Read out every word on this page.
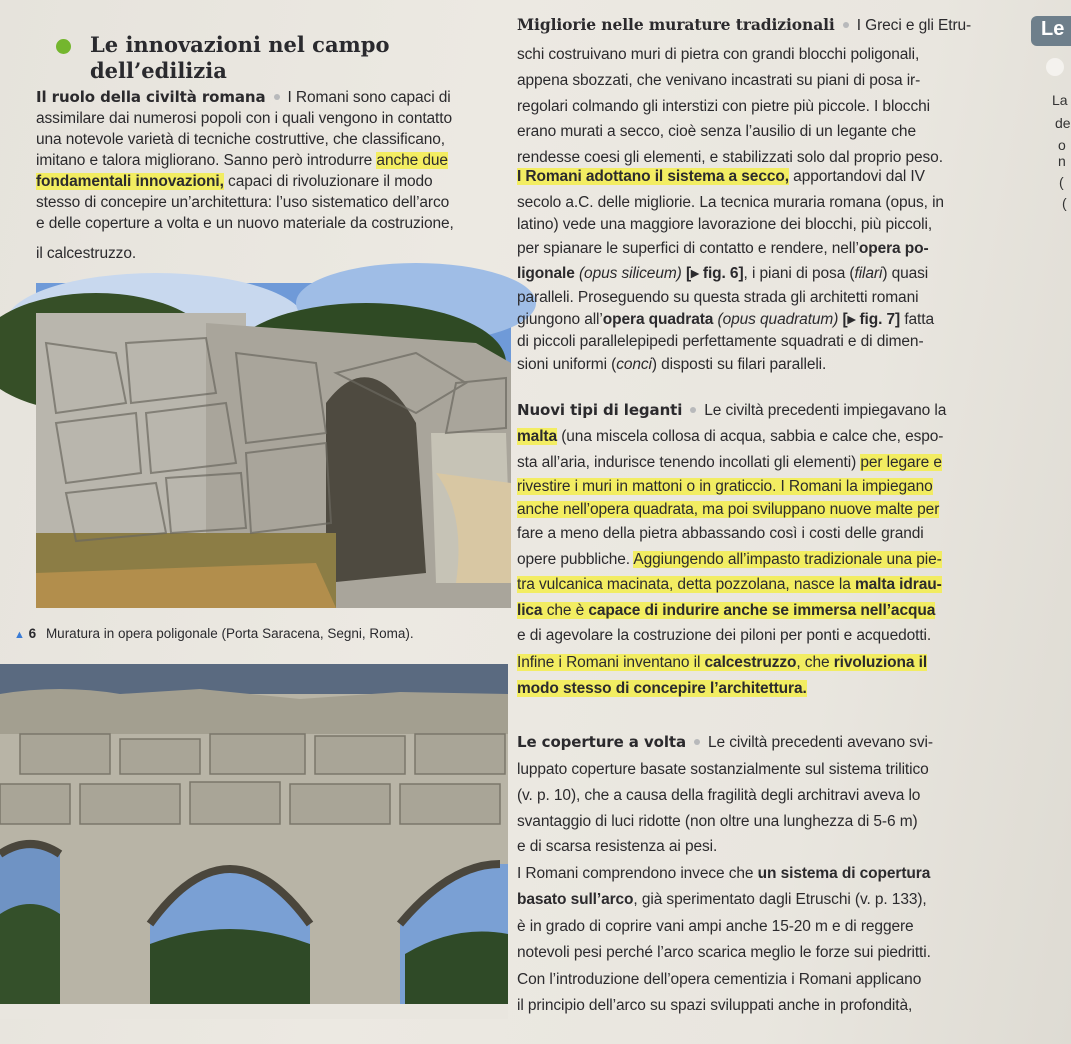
Le
La
de
o
n
(
(
Le innovazioni nel campo
dell’edilizia
Il ruolo della civiltà romana I Romani sono capaci di
assimilare dai numerosi popoli con i quali vengono in contatto
una notevole varietà di tecniche costruttive, che classificano,
imitano e talora migliorano. Sanno però introdurre anche due
fondamentali innovazioni, capaci di rivoluzionare il modo
stesso di concepire un’architettura: l’uso sistematico dell’arco
e delle coperture a volta e un nuovo materiale da costruzione,
il calcestruzzo.
▲ 6 Muratura in opera poligonale (Porta Saracena, Segni, Roma).
Migliorie nelle murature tradizionali I Greci e gli Etru-
schi costruivano muri di pietra con grandi blocchi poligonali,
appena sbozzati, che venivano incastrati su piani di posa ir-
regolari colmando gli interstizi con pietre più piccole. I blocchi
erano murati a secco, cioè senza l’ausilio di un legante che
rendesse coesi gli elementi, e stabilizzati solo dal proprio peso.
I Romani adottano il sistema a secco, apportandovi dal IV
secolo a.C. delle migliorie. La tecnica muraria romana (opus, in
latino) vede una maggiore lavorazione dei blocchi, più piccoli,
per spianare le superfici di contatto e rendere, nell’opera po-
ligonale (opus siliceum) [▸ fig. 6], i piani di posa (filari) quasi
paralleli. Proseguendo su questa strada gli architetti romani
giungono all’opera quadrata (opus quadratum) [▸ fig. 7] fatta
di piccoli parallelepipedi perfettamente squadrati e di dimen-
sioni uniformi (conci) disposti su filari paralleli.
Nuovi tipi di leganti Le civiltà precedenti impiegavano la
malta (una miscela collosa di acqua, sabbia e calce che, espo-
sta all’aria, indurisce tenendo incollati gli elementi) per legare e
rivestire i muri in mattoni o in graticcio. I Romani la impiegano
anche nell’opera quadrata, ma poi sviluppano nuove malte per
fare a meno della pietra abbassando così i costi delle grandi
opere pubbliche. Aggiungendo all’impasto tradizionale una pie-
tra vulcanica macinata, detta pozzolana, nasce la malta idrau-
lica che è capace di indurire anche se immersa nell’acqua
e di agevolare la costruzione dei piloni per ponti e acquedotti.
Infine i Romani inventano il calcestruzzo, che rivoluziona il
modo stesso di concepire l’architettura.
Le coperture a volta Le civiltà precedenti avevano svi-
luppato coperture basate sostanzialmente sul sistema trilitico
(v. p. 10), che a causa della fragilità degli architravi aveva lo
svantaggio di luci ridotte (non oltre una lunghezza di 5-6 m)
e di scarsa resistenza ai pesi.
I Romani comprendono invece che un sistema di copertura
basato sull’arco, già sperimentato dagli Etruschi (v. p. 133),
è in grado di coprire vani ampi anche 15-20 m e di reggere
notevoli pesi perché l’arco scarica meglio le forze sui piedritti.
Con l’introduzione dell’opera cementizia i Romani applicano
il principio dell’arco su spazi sviluppati anche in profondità,
